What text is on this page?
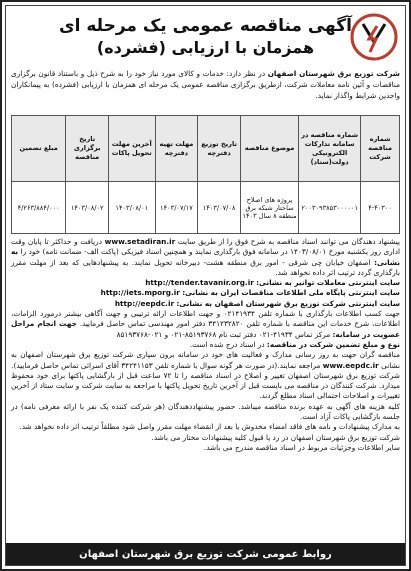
آگهی مناقصه عمومی یک مرحله ای
همزمان با ارزیابی (فشرده)
شرکت توزیع برق شهرستان اصفهان در نظر دارد: خدمات و کالای مورد نیاز خود را به شرح ذیل و باستناد قانون برگزاری مناقصات و آئین نامه معاملات شرکت، ازطریق برگزاری مناقصه عمومی یک مرحله ای همزمان با ارزیابی (فشرده) به پیمانکاران واجدین شرایط واگذار نماید.
شماره مناقصه شرکت	شماره مناقصه در سامانه تدارکات الکترونیکی دولت(ستاد)	موضوع مناقصه	تاریخ توزیع دفترچه	مهلت تهیه دفترچه	آخرین مهلت تحویل پاکات	تاریخ برگزاری مناقصه	مبلغ تضمین
۴-۴۰۳۰۰	۲۰۰۳۰۹۳۸۵۳۰۰۰۰۰۱	پروژه های اصلاح ساختار شبکه برق منطقه ۸ سال ۱۴۰۳	۱۴۰۳/۰۷/۰۸	۱۴۰۳/۰۷/۱۷	۱۴۰۳/۰۸/۰۱	۱۴۰۳/۰۸/۰۲	۴/۲۶۳/۸۸۴/۰۰۰

پیشنهاد دهندگان می توانند اسناد مناقصه به شرح فوق را از طریق سایت www.setadiran.ir دریافت و حداکثر تا پایان وقت اداری روز یکشنبه مورخ ۱۴۰۳/۰۸/۰۱ در سامانه فوق بارگذاری نمایند و همچنین اسناد فیزیکی (پاکت الف- ضمانت نامه) خود را به نشانی: اصفهان خیابان چی شرقی - امور برق منطقه هشت- دبیرخانه تحویل نمایند. به پیشنهادهایی که بعد از مهلت مقرر بارگذاری گردد ترتیب اثر داده نخواهد شد.

سایت اینترنتی معاملات توانیر به نشانی: http://tender.tavanir.org.ir

سایت اینترنتی پایگاه ملی اطلاعات مناقصات ایران به نشانی: http://iets.mporg.ir

سایت اینترنتی شرکت توزیع برق شهرستان اصفهان به نشانی: http://eepdc.ir

جهت کسب اطلاعات بارگذاری با شماره تلفن ۰۲۱۴۱۹۳۴ و جهت اطلاعات ارائه ترتیبی و جهت آگاهی بیشتر درمورد الزامات، اطلاعات، شرح خدمات این مناقصه با شماره تلفن ۳۴۱۲۳۲۸۲۰ دفتر امور مهندسی تماس حاصل فرمایید. جهت انجام مراحل عضویت در سامانه: مرکز تماس ۴۱۹۳۴-۰۲۱ دفتر ثبت نام ۸۵۱۹۳۷۶۸-۰۲۱ و ۰۲۱-۸۵۱۹۳۷۶۸

نوع و مبلغ تضمین شرکت در مناقصه: در اسناد درج شده است.

مناقصه گران جهت به روز رسانی مدارک و فعالیت های خود در سامانه برون سپاری شرکت توزیع برق شهرستان اصفهان به نشانی www.eepdc.ir مراجعه نمایند.(در صورت هر گونه سوال با شماره تلفن ۳۴۲۴۱۱۵۳ آقای اسرائی تماس حاصل فرمایید).

شرکت توزیع برق شهرستان اصفهان تغییر و اصلاح در اسناد مناقصه را تا ۷۲ ساعت قبل از بارگشایی پاکتها برای خود محفوظ میدارد. شرکت کنندگان در مناقصه می بایست قبل از آخرین تاریخ تحویل پاکتها با مراجعه به سایت شرکت و سایت ستاد از آخرین تغییرات و اصلاحات احتمالی اسناد مطلع گردند.

کلیه هزینه های آگهی به عهده برنده مناقصه میباشد. حضور پیشنهاددهندگان (هر شرکت کننده یک نفر با ارائه معرفی نامه) در جلسه بازگشایی پاکات آزاد است.

به مدارک پیشنهادات و نامه های فاقد امضاء مخدوش یا بعد از انقضاء مهلت مقرر واصل شود مطلقاً ترتیب اثر داده نخواهد شد.

شرکت توزیع برق شهرستان اصفهان در رد یا قبول کلیه پیشنهادات مختار می باشد.

سایر اطلاعات وجزئیات مربوط در اسناد مناقصه مندرج می باشد.

روابط عمومی شرکت توزیع برق شهرستان اصفهان
